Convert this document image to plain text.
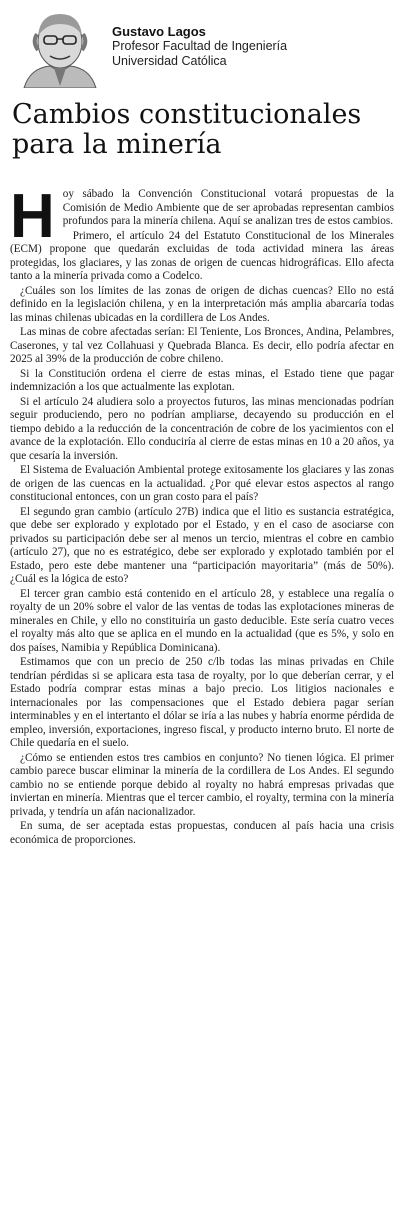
Gustavo Lagos
Profesor Facultad de Ingeniería
Universidad Católica
Cambios constitucionales
para la minería

Hoy sábado la Convención Constitucional votará propuestas de la Comisión de Medio Ambiente que de ser aprobadas representan cambios profundos para la minería chilena. Aquí se analizan tres de estos cambios.

Primero, el artículo 24 del Estatuto Constitucional de los Minerales (ECM) propone que quedarán excluidas de toda actividad minera las áreas protegidas, los glaciares, y las zonas de origen de cuencas hidrográficas. Ello afecta tanto a la minería privada como a Codelco.

¿Cuáles son los límites de las zonas de origen de dichas cuencas? Ello no está definido en la legislación chilena, y en la interpretación más amplia abarcaría todas las minas chilenas ubicadas en la cordillera de Los Andes.

Las minas de cobre afectadas serían: El Teniente, Los Bronces, Andina, Pelambres, Caserones, y tal vez Collahuasi y Quebrada Blanca. Es decir, ello podría afectar en 2025 al 39% de la producción de cobre chileno.

Si la Constitución ordena el cierre de estas minas, el Estado tiene que pagar indemnización a los que actualmente las explotan.

Si el artículo 24 aludiera solo a proyectos futuros, las minas mencionadas podrían seguir produciendo, pero no podrían ampliarse, decayendo su producción en el tiempo debido a la reducción de la concentración de cobre de los yacimientos con el avance de la explotación. Ello conduciría al cierre de estas minas en 10 a 20 años, ya que cesaría la inversión.

El Sistema de Evaluación Ambiental protege exitosamente los glaciares y las zonas de origen de las cuencas en la actualidad. ¿Por qué elevar estos aspectos al rango constitucional entonces, con un gran costo para el país?

El segundo gran cambio (artículo 27B) indica que el litio es sustancia estratégica, que debe ser explorado y explotado por el Estado, y en el caso de asociarse con privados su participación debe ser al menos un tercio, mientras el cobre en cambio (artículo 27), que no es estratégico, debe ser explorado y explotado también por el Estado, pero este debe mantener una “participación mayoritaria” (más de 50%). ¿Cuál es la lógica de esto?

El tercer gran cambio está contenido en el artículo 28, y establece una regalía o royalty de un 20% sobre el valor de las ventas de todas las explotaciones mineras de minerales en Chile, y ello no constituiría un gasto deducible. Este sería cuatro veces el royalty más alto que se aplica en el mundo en la actualidad (que es 5%, y solo en dos países, Namibia y República Dominicana).

Estimamos que con un precio de 250 c/lb todas las minas privadas en Chile tendrían pérdidas si se aplicara esta tasa de royalty, por lo que deberían cerrar, y el Estado podría comprar estas minas a bajo precio. Los litigios nacionales e internacionales por las compensaciones que el Estado debiera pagar serían interminables y en el intertanto el dólar se iría a las nubes y habría enorme pérdida de empleo, inversión, exportaciones, ingreso fiscal, y producto interno bruto. El norte de Chile quedaría en el suelo.

¿Cómo se entienden estos tres cambios en conjunto? No tienen lógica. El primer cambio parece buscar eliminar la minería de la cordillera de Los Andes. El segundo cambio no se entiende porque debido al royalty no habrá empresas privadas que inviertan en minería. Mientras que el tercer cambio, el royalty, termina con la minería privada, y tendría un afán nacionalizador.

En suma, de ser aceptada estas propuestas, conducen al país hacia una crisis económica de proporciones.
